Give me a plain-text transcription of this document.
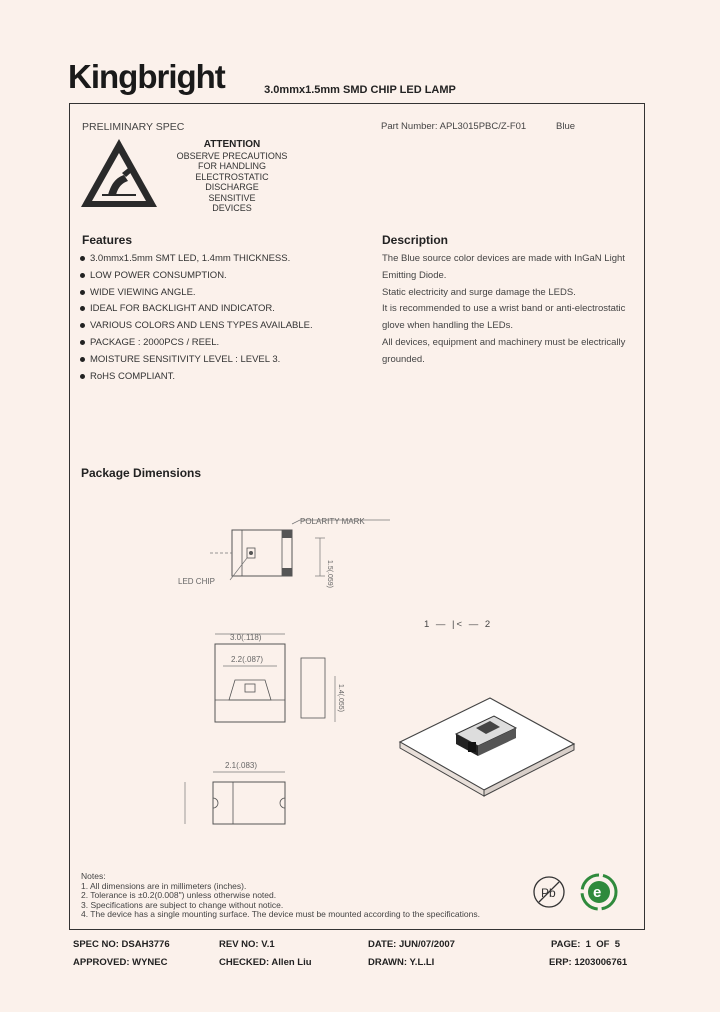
Kingbright	3.0mmx1.5mm SMD CHIP LED LAMP
PRELIMINARY SPEC	Part Number: APL3015PBC/Z-F01	Blue
ATTENTION
OBSERVE PRECAUTIONS
FOR HANDLING
ELECTROSTATIC
DISCHARGE
SENSITIVE
DEVICES
Features
3.0mmx1.5mm SMT LED, 1.4mm THICKNESS.
LOW POWER CONSUMPTION.
WIDE VIEWING ANGLE.
IDEAL FOR BACKLIGHT AND INDICATOR.
VARIOUS COLORS AND LENS TYPES AVAILABLE.
PACKAGE : 2000PCS / REEL.
MOISTURE SENSITIVITY LEVEL : LEVEL 3.
RoHS COMPLIANT.
Description
The Blue source color devices are made with InGaN Light
Emitting Diode.
Static electricity and surge damage the LEDS.
It is recommended to use a wrist band or anti-electrostatic
glove when handling the LEDs.
All devices, equipment and machinery must be electrically
grounded.
Package Dimensions
POLARITY MARK
LED CHIP	1.5(.059)
3.0(.118)
2.2(.087)
1.4(.055)
2.1(.083)
1 — |< — 2
Notes:
1. All dimensions are in millimeters (inches).
2. Tolerance is ±0.2(0.008") unless otherwise noted.
3. Specifications are subject to change without notice.
4. The device has a single mounting surface. The device must be mounted according to the specifications.
Pb e
SPEC NO: DSAH3776	REV NO: V.1	DATE: JUN/07/2007	PAGE:  1  OF  5
APPROVED: WYNEC	CHECKED: Allen Liu	DRAWN: Y.L.LI	ERP: 1203006761
